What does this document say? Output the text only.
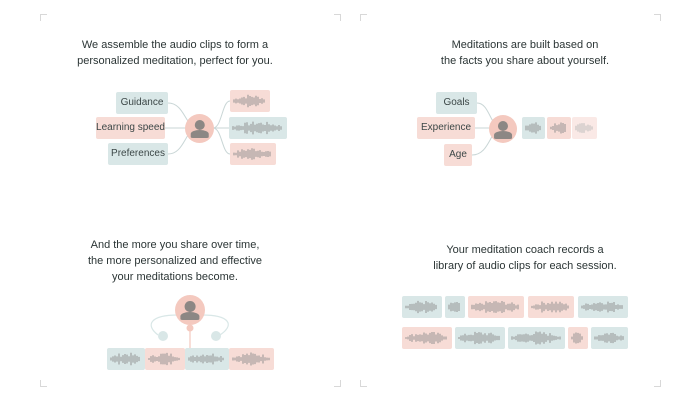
We assemble the audio clips to form a
personalized meditation, perfect for you.
Guidance
Learning speed
Preferences
Meditations are built based on
the facts you share about yourself.
Goals
Experience
Age
And the more you share over time,
the more personalized and effective
your meditations become.
Your meditation coach records a
library of audio clips for each session.
